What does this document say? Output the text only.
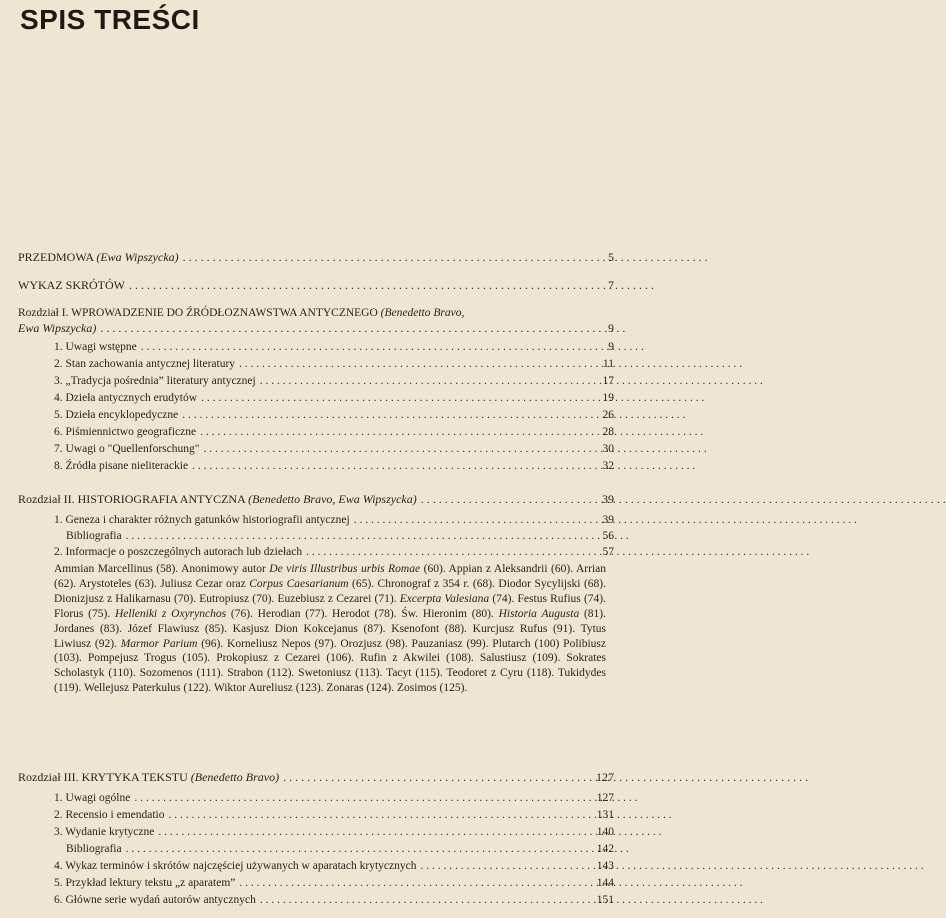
SPIS TREŚCI
PRZEDMOWA (Ewa Wipszycka) . . .	5
WYKAZ SKRÓTÓW . . .	7
Rozdział I. WPROWADZENIE DO ŹRÓDŁOZNAWSTWA ANTYCZNEGO (Benedetto Bravo,
Ewa Wipszycka) . . .	9
1. Uwagi wstępne . . .	9
2. Stan zachowania antycznej literatury . . .	11
3. „Tradycja pośrednia” literatury antycznej . . .	17
4. Dzieła antycznych erudytów . . .	19
5. Dzieła encyklopedyczne . . .	26
6. Piśmiennictwo geograficzne . . .	28
7. Uwagi o "Quellenforschung" . . .	30
8. Źródła pisane nieliterackie . . .	32
Rozdział II. HISTORIOGRAFIA ANTYCZNA (Benedetto Bravo, Ewa Wipszycka) . . .	39
1. Geneza i charakter różnych gatunków historiografii antycznej . . .	39
Bibliografia . . .	56
2. Informacje o poszczególnych autorach lub dziełach . . .	57
Ammian Marcellinus (58). Anonimowy autor De viris Illustribus urbis Romae (60). Appian z Aleksandrii (60). Arrian (62). Arystoteles (63). Juliusz Cezar oraz Corpus Caesarianum (65). Chronograf z 354 r. (68). Diodor Sycylijski (68). Dionizjusz z Halikarnasu (70). Eutropiusz (70). Euzebiusz z Cezarei (71). Excerpta Valesiana (74). Festus Rufius (74). Florus (75). Helleniki z Oxyrynchos (76). Herodian (77). Herodot (78). Św. Hieronim (80). Historia Augusta (81). Jordanes (83). Józef Flawiusz (85). Kasjusz Dion Kokcejanus (87). Ksenofont (88). Kurcjusz Rufus (91). Tytus Liwiusz (92). Marmor Parium (96). Korneliusz Nepos (97). Orozjusz (98). Pauzaniasz (99). Plutarch (100) Polibiusz (103). Pompejusz Trogus (105). Prokopiusz z Cezarei (106). Rufin z Akwilei (108). Salustiusz (109). Sokrates Scholastyk (110). Sozomenos (111). Strabon (112). Swetoniusz (113). Tacyt (115). Teodoret z Cyru (118). Tukidydes (119). Wellejusz Paterkulus (122). Wiktor Aureliusz (123). Zonaras (124). Zosimos (125).
Rozdział III. KRYTYKA TEKSTU (Benedetto Bravo) . . .	127
1. Uwagi ogólne . . .	127
2. Recensio i emendatio . . .	131
3. Wydanie krytyczne . . .	140
Bibliografia . . .	142
4. Wykaz terminów i skrótów najczęściej używanych w aparatach krytycznych . . .	143
5. Przykład lektury tekstu „z aparatem” . . .	144
6. Główne serie wydań autorów antycznych . . .	151
